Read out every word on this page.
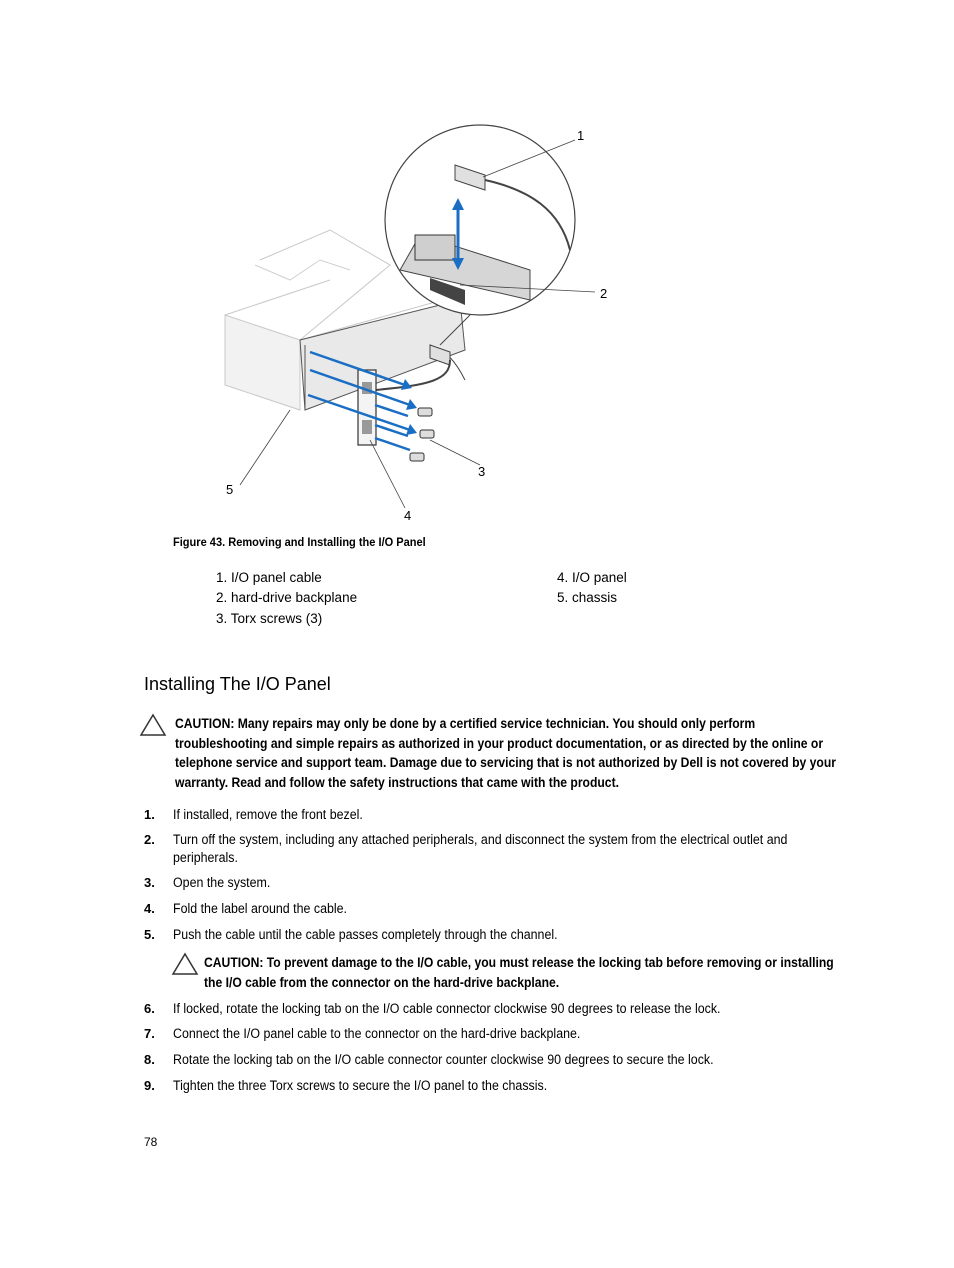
1
2
3
4
5
Figure 43. Removing and Installing the I/O Panel
1. I/O panel cable
2. hard-drive backplane
3. Torx screws (3)
4. I/O panel
5. chassis
Installing The I/O Panel
CAUTION: Many repairs may only be done by a certified service technician. You should only perform
troubleshooting and simple repairs as authorized in your product documentation, or as directed by the online or
telephone service and support team. Damage due to servicing that is not authorized by Dell is not covered by your
warranty. Read and follow the safety instructions that came with the product.
1. If installed, remove the front bezel.
2. Turn off the system, including any attached peripherals, and disconnect the system from the electrical outlet and
peripherals.
3. Open the system.
4. Fold the label around the cable.
5. Push the cable until the cable passes completely through the channel.
CAUTION: To prevent damage to the I/O cable, you must release the locking tab before removing or installing
the I/O cable from the connector on the hard-drive backplane.
6. If locked, rotate the locking tab on the I/O cable connector clockwise 90 degrees to release the lock.
7. Connect the I/O panel cable to the connector on the hard-drive backplane.
8. Rotate the locking tab on the I/O cable connector counter clockwise 90 degrees to secure the lock.
9. Tighten the three Torx screws to secure the I/O panel to the chassis.
78
